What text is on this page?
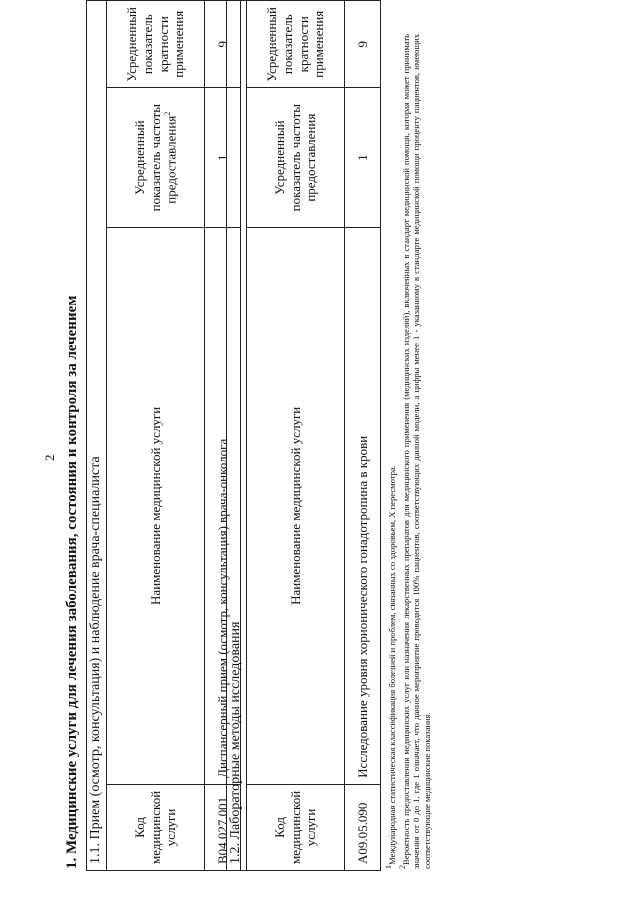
2 1. Медицинские услуги для лечения заболевания, состояния и контроля за лечением 1.1. Прием (осмотр, консультация) и наблюдение врача-специалиста			
Код медицинской услуги	Наименование медицинской услуги	Усредненный показатель частоты предоставления$^2$	Усредненный показатель кратности применения
B04.027.001	Диспансерный прием (осмотр, консультация) врача-онколога	1	9
1.2. Лабораторные методы исследования			
Код медицинской услуги	Наименование медицинской услуги	Усредненный показатель частоты предоставления	Усредненный показатель кратности применения
A09.05.090	Исследование уровня хорионического гонадотропина в крови	1	9

$^1$Международная статистическая классификация болезней и проблем, связанных со здоровьем, X пересмотра.

$^2$Вероятность предоставления медицинских услуг или назначения лекарственных препаратов для медицинского применения (медицинских изделий), включенных в стандарт медицинской помощи, которая может принимать значения от 0 до 1, где 1 означает, что данное мероприятие проводится 100% пациентов, соответствующих данной модели, а цифры менее 1 - указанному в стандарте медицинской помощи проценту пациентов, имеющих соответствующие медицинские показания.
